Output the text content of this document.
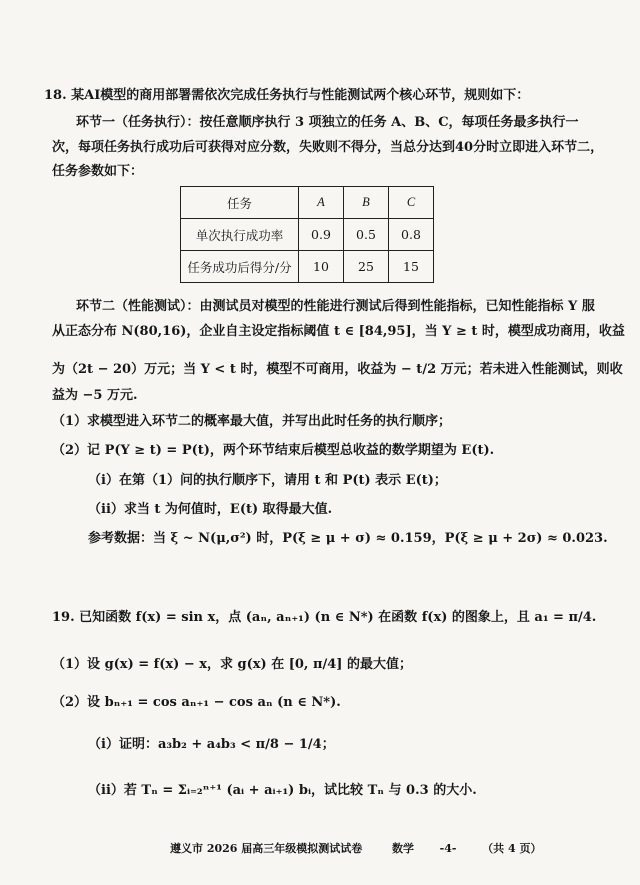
18. 某AI模型的商用部署需依次完成任务执行与性能测试两个核心环节，规则如下：
环节一（任务执行）：按任意顺序执行 3 项独立的任务 A、B、C，每项任务最多执行一
次，每项任务执行成功后可获得对应分数，失败则不得分，当总分达到40分时立即进入环节二，
任务参数如下：
任务	A	B	C
单次执行成功率	0.9	0.5	0.8
任务成功后得分/分	10	25	15
环节二（性能测试）：由测试员对模型的性能进行测试后得到性能指标，已知性能指标 Y 服
从正态分布 N(80,16)，企业自主设定指标阈值 t ∈ [84,95]，当 Y ≥ t 时，模型成功商用，收益
为（2t − 20）万元；当 Y < t 时，模型不可商用，收益为 − t/2 万元；若未进入性能测试，则收
益为 −5 万元.
（1）求模型进入环节二的概率最大值，并写出此时任务的执行顺序；
（2）记 P(Y ≥ t) = P(t)，两个环节结束后模型总收益的数学期望为 E(t).
（i）在第（1）问的执行顺序下，请用 t 和 P(t) 表示 E(t)；
（ii）求当 t 为何值时，E(t) 取得最大值.
参考数据：当 ξ ~ N(μ,σ²) 时，P(ξ ≥ μ + σ) ≈ 0.159，P(ξ ≥ μ + 2σ) ≈ 0.023.
19. 已知函数 f(x) = sin x，点 (aₙ, aₙ₊₁) (n ∈ N*) 在函数 f(x) 的图象上，且 a₁ = π/4.
（1）设 g(x) = f(x) − x，求 g(x) 在 [0, π/4] 的最大值；
（2）设 bₙ₊₁ = cos aₙ₊₁ − cos aₙ (n ∈ N*).
（i）证明：a₃b₂ + a₄b₃ < π/8 − 1/4；
（ii）若 Tₙ = Σᵢ₌₂ⁿ⁺¹ (aᵢ + aᵢ₊₁) bᵢ，试比较 Tₙ 与 0.3 的大小.
遵义市 2026 届高三年级模拟测试试卷	数学 -4- （共 4 页）
